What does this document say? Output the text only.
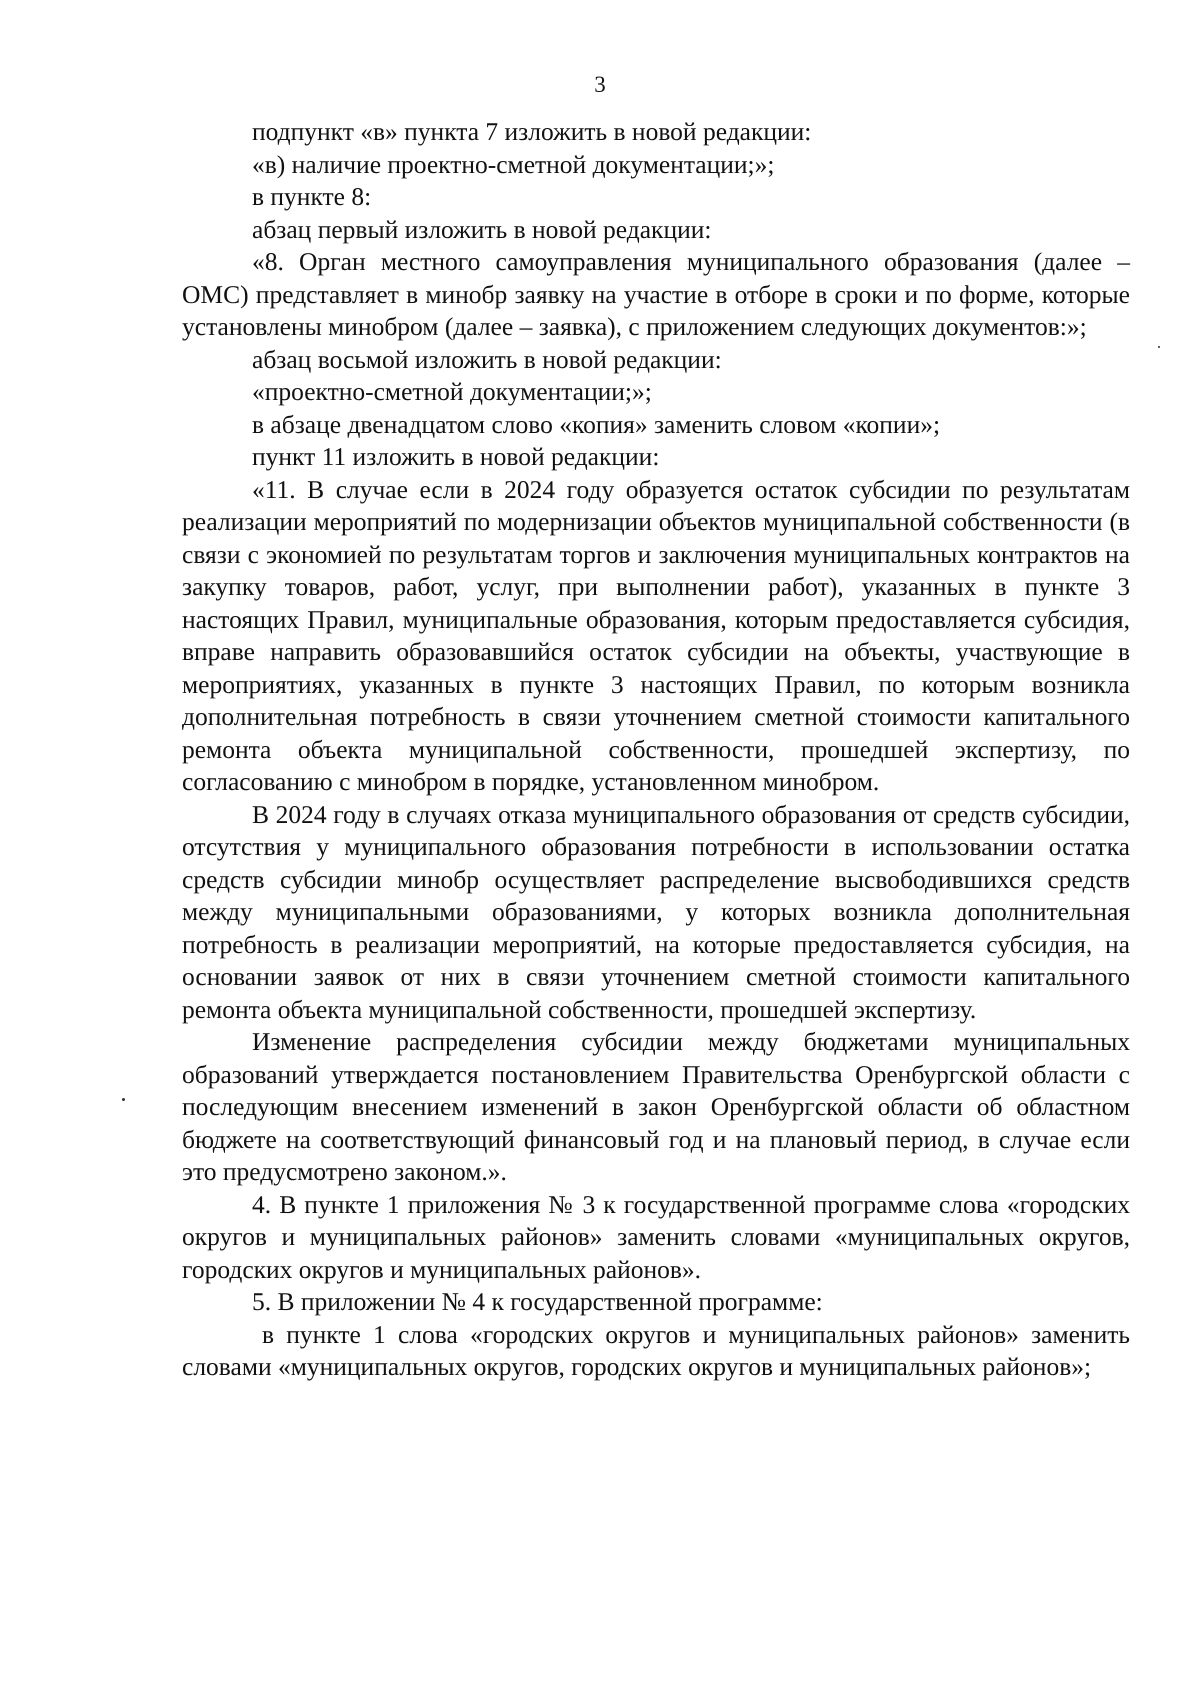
3

подпункт «в» пункта 7 изложить в новой редакции:

«в) наличие проектно-сметной документации;»;

в пункте 8:

абзац первый изложить в новой редакции:

«8. Орган местного самоуправления муниципального образования (далее – ОМС) представляет в минобр заявку на участие в отборе в сроки и по форме, которые установлены минобром (далее – заявка), с приложением следующих документов:»;

абзац восьмой изложить в новой редакции:

«проектно-сметной документации;»;

в абзаце двенадцатом слово «копия» заменить словом «копии»;

пункт 11 изложить в новой редакции:

«11. В случае если в 2024 году образуется остаток субсидии по результатам реализации мероприятий по модернизации объектов муниципальной собственности (в связи с экономией по результатам торгов и заключения муниципальных контрактов на закупку товаров, работ, услуг, при выполнении работ), указанных в пункте 3 настоящих Правил, муниципальные образования, которым предоставляется субсидия, вправе направить образовавшийся остаток субсидии на объекты, участвующие в мероприятиях, указанных в пункте 3 настоящих Правил, по которым возникла дополнительная потребность в связи уточнением сметной стоимости капитального ремонта объекта муниципальной собственности, прошедшей экспертизу, по согласованию с минобром в порядке, установленном минобром.

В 2024 году в случаях отказа муниципального образования от средств субсидии, отсутствия у муниципального образования потребности в использовании остатка средств субсидии минобр осуществляет распределение высвободившихся средств между муниципальными образованиями, у которых возникла дополнительная потребность в реализации мероприятий, на которые предоставляется субсидия, на основании заявок от них в связи уточнением сметной стоимости капитального ремонта объекта муниципальной собственности, прошедшей экспертизу.

Изменение распределения субсидии между бюджетами муниципальных образований утверждается постановлением Правительства Оренбургской области с последующим внесением изменений в закон Оренбургской области об областном бюджете на соответствующий финансовый год и на плановый период, в случае если это предусмотрено законом.».

4. В пункте 1 приложения № 3 к государственной программе слова «городских округов и муниципальных районов» заменить словами «муниципальных округов, городских округов и муниципальных районов».

5. В приложении № 4 к государственной программе:

в пункте 1 слова «городских округов и муниципальных районов» заменить словами «муниципальных округов, городских округов и муниципальных районов»;
